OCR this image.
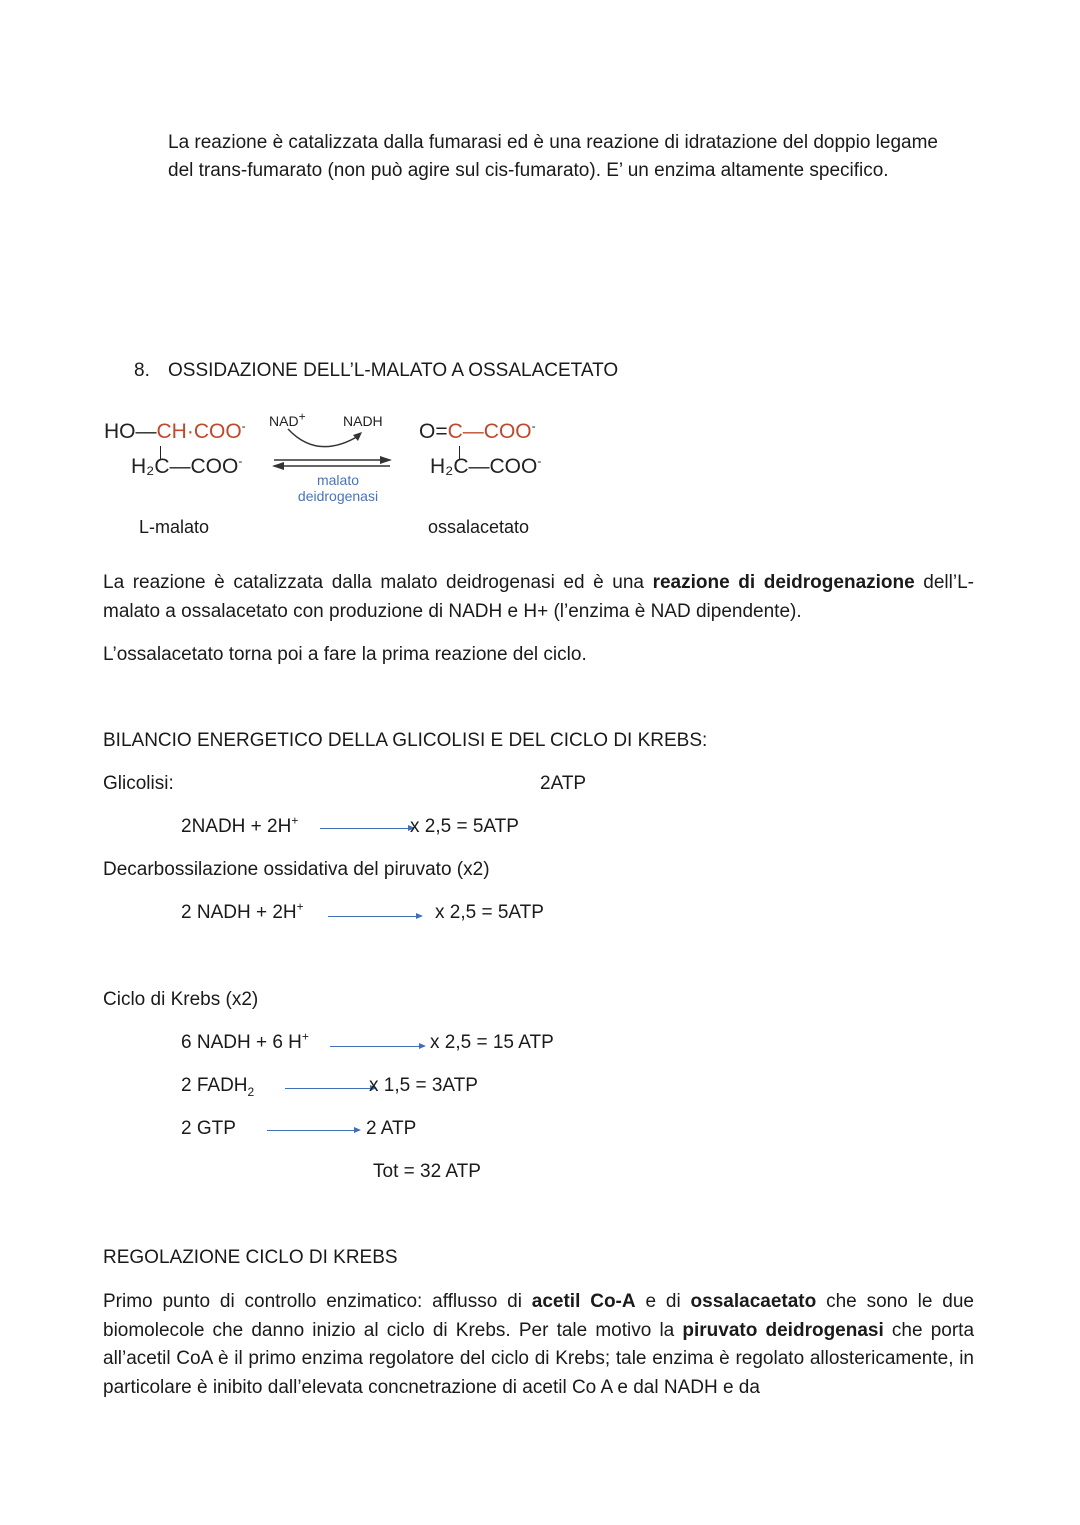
La reazione è catalizzata dalla fumarasi ed è una reazione di idratazione del doppio legame
del trans-fumarato (non può agire sul cis-fumarato). E’ un enzima altamente specifico.
8. OSSIDAZIONE DELL’L-MALATO A OSSALACETATO
HO—CH·COO-
H₂C—COO-
L-malato
NAD+	NADH
malato
deidrogenasi
O=C—COO-
H₂C—COO-
ossalacetato

La reazione è catalizzata dalla malato deidrogenasi ed è una reazione di deidrogenazione dell’L-malato a ossalacetato con produzione di NADH e H+ (l’enzima è NAD dipendente).

L’ossalacetato torna poi a fare la prima reazione del ciclo.
BILANCIO ENERGETICO DELLA GLICOLISI E DEL CICLO DI KREBS:
Glicolisi:	2ATP
2NADH + 2H+	x 2,5 = 5ATP
Decarbossilazione ossidativa del piruvato (x2)
2 NADH + 2H+	x 2,5 = 5ATP
Ciclo di Krebs (x2)
6 NADH + 6 H+	x 2,5 = 15 ATP
2 $FADH_2$	x 1,5 = 3ATP
2 GTP	2 ATP
Tot = 32 ATP
REGOLAZIONE CICLO DI KREBS

Primo punto di controllo enzimatico: afflusso di acetil Co-A e di ossalacaetato che sono le due biomolecole che danno inizio al ciclo di Krebs. Per tale motivo la piruvato deidrogenasi che porta all’acetil CoA è il primo enzima regolatore del ciclo di Krebs; tale enzima è regolato allostericamente, in particolare è inibito dall’elevata concnetrazione di acetil Co A e dal NADH e da
